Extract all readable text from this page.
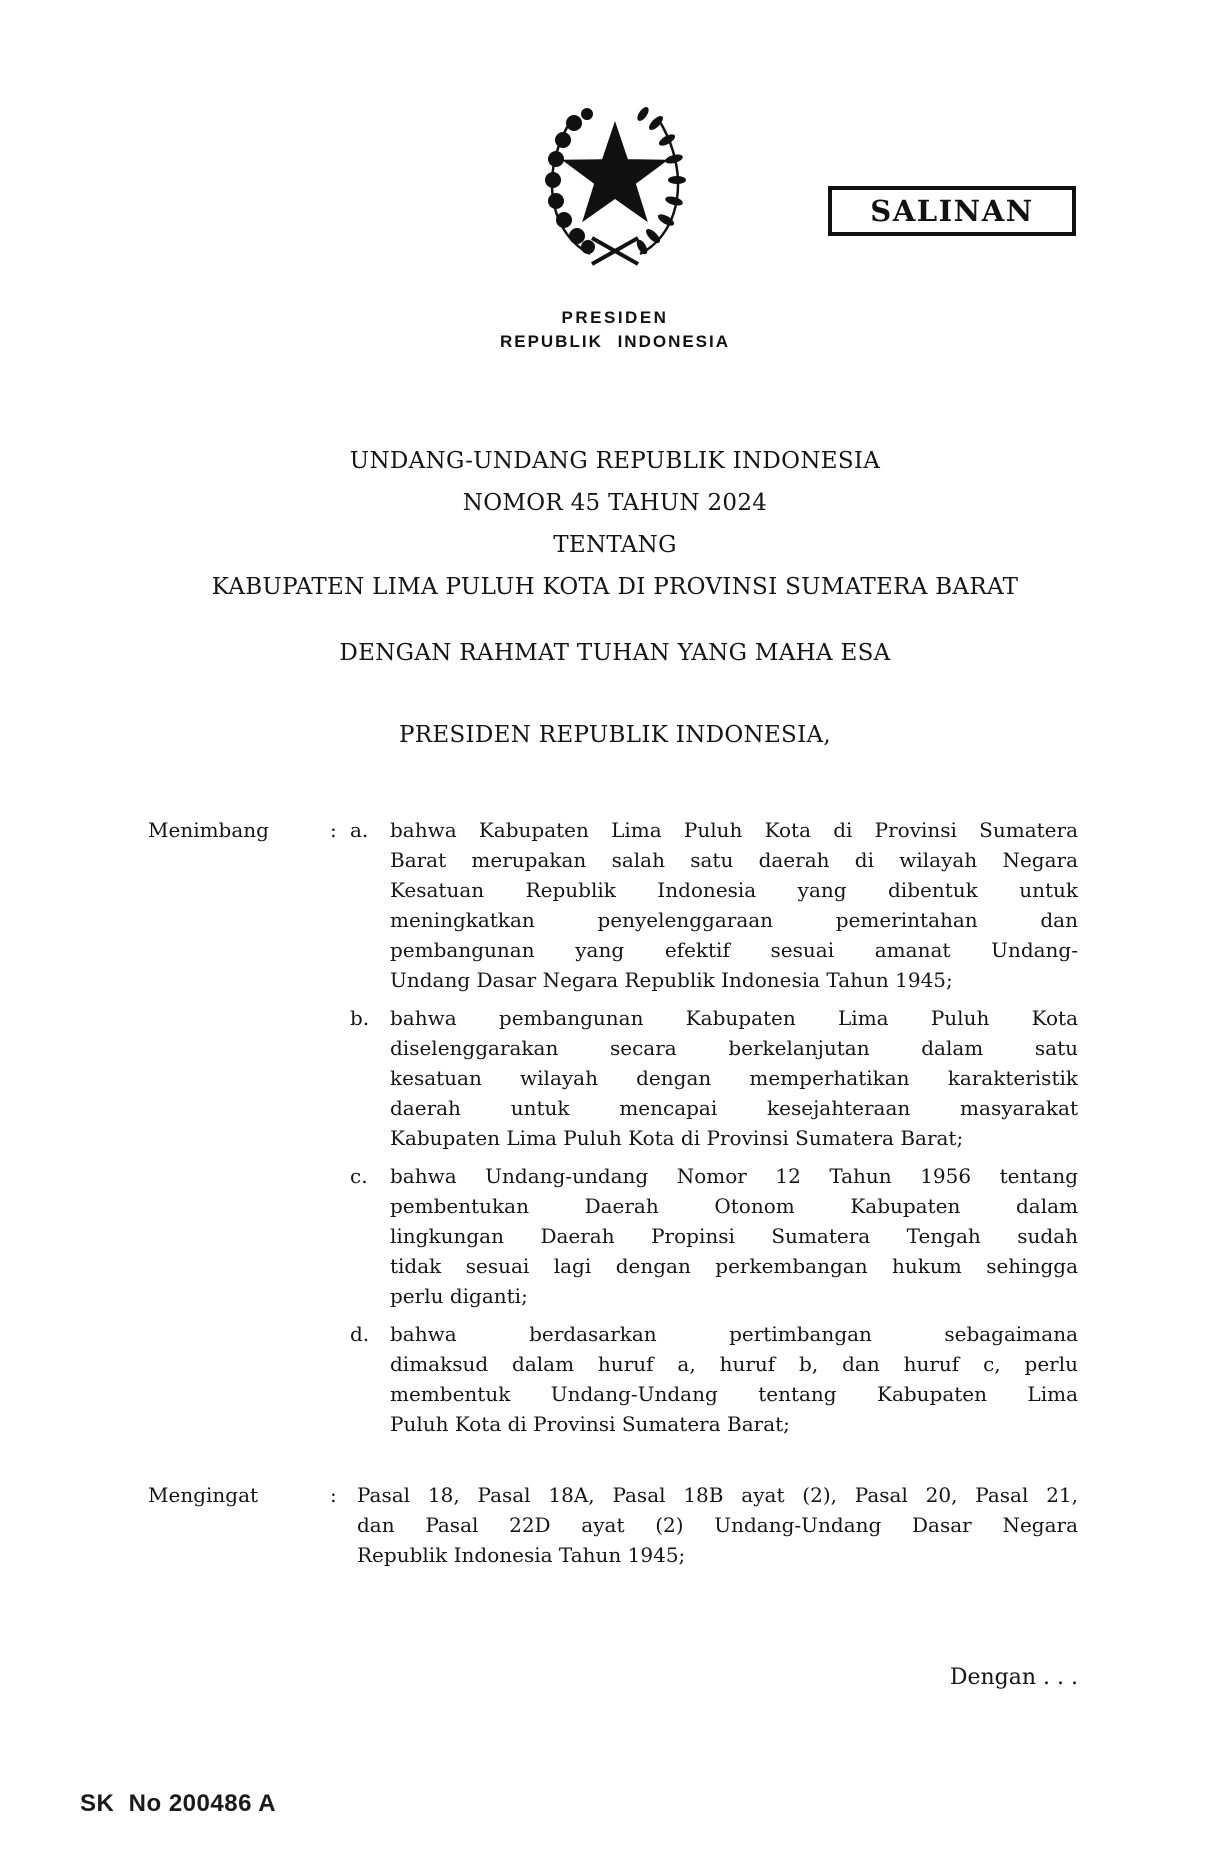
SALINAN
PRESIDEN
REPUBLIK INDONESIA
UNDANG-UNDANG REPUBLIK INDONESIA
NOMOR 45 TAHUN 2024
TENTANG
KABUPATEN LIMA PULUH KOTA DI PROVINSI SUMATERA BARAT
DENGAN RAHMAT TUHAN YANG MAHA ESA
PRESIDEN REPUBLIK INDONESIA,
Menimbang	: a.	bahwa Kabupaten Lima Puluh Kota di Provinsi Sumatera
Barat merupakan salah satu daerah di wilayah Negara
Kesatuan Republik Indonesia yang dibentuk untuk
meningkatkan penyelenggaraan pemerintahan dan
pembangunan yang efektif sesuai amanat Undang-
Undang Dasar Negara Republik Indonesia Tahun 1945;
b.	bahwa pembangunan Kabupaten Lima Puluh Kota
diselenggarakan secara berkelanjutan dalam satu
kesatuan wilayah dengan memperhatikan karakteristik
daerah untuk mencapai kesejahteraan masyarakat
Kabupaten Lima Puluh Kota di Provinsi Sumatera Barat;
c.	bahwa Undang-undang Nomor 12 Tahun 1956 tentang
pembentukan Daerah Otonom Kabupaten dalam
lingkungan Daerah Propinsi Sumatera Tengah sudah
tidak sesuai lagi dengan perkembangan hukum sehingga
perlu diganti;
d.	bahwa berdasarkan pertimbangan sebagaimana
dimaksud dalam huruf a, huruf b, dan huruf c, perlu
membentuk Undang-Undang tentang Kabupaten Lima
Puluh Kota di Provinsi Sumatera Barat;
Mengingat	:	Pasal 18, Pasal 18A, Pasal 18B ayat (2), Pasal 20, Pasal 21,
dan Pasal 22D ayat (2) Undang-Undang Dasar Negara
Republik Indonesia Tahun 1945;
Dengan . . .
SK  No 200486 A
